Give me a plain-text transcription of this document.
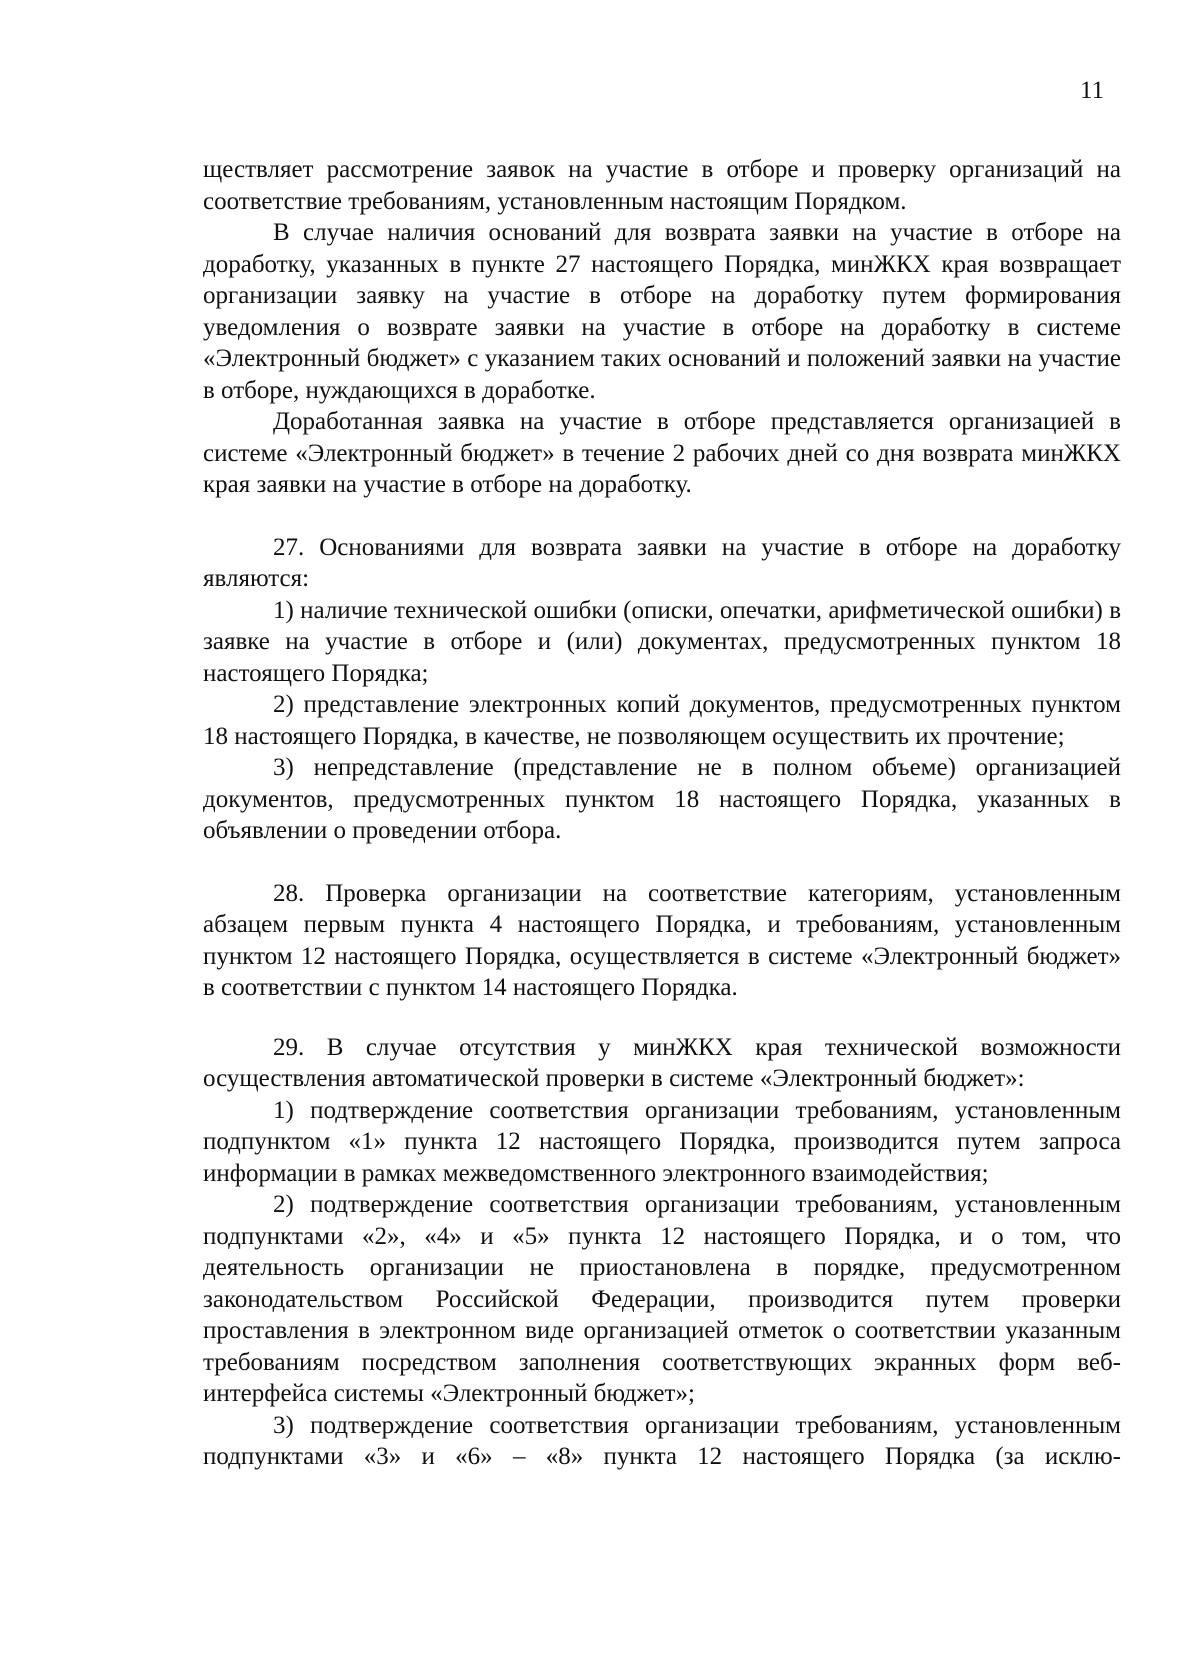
11

ществляет рассмотрение заявок на участие в отборе и проверку организаций на соответствие требованиям, установленным настоящим Порядком.

В случае наличия оснований для возврата заявки на участие в отборе на доработку, указанных в пункте 27 настоящего Порядка, минЖКХ края возвращает организации заявку на участие в отборе на доработку путем формирования уведомления о возврате заявки на участие в отборе на доработку в системе «Электронный бюджет» с указанием таких оснований и положений заявки на участие в отборе, нуждающихся в доработке.

Доработанная заявка на участие в отборе представляется организацией в системе «Электронный бюджет» в течение 2 рабочих дней со дня возврата минЖКХ края заявки на участие в отборе на доработку.

27. Основаниями для возврата заявки на участие в отборе на доработку являются:

1) наличие технической ошибки (описки, опечатки, арифметической ошибки) в заявке на участие в отборе и (или) документах, предусмотренных пунктом 18 настоящего Порядка;

2) представление электронных копий документов, предусмотренных пунктом 18 настоящего Порядка, в качестве, не позволяющем осуществить их прочтение;

3) непредставление (представление не в полном объеме) организацией документов, предусмотренных пунктом 18 настоящего Порядка, указанных в объявлении о проведении отбора.

28. Проверка организации на соответствие категориям, установленным абзацем первым пункта 4 настоящего Порядка, и требованиям, установленным пунктом 12 настоящего Порядка, осуществляется в системе «Электронный бюджет» в соответствии с пунктом 14 настоящего Порядка.

29. В случае отсутствия у минЖКХ края технической возможности осуществления автоматической проверки в системе «Электронный бюджет»:

1) подтверждение соответствия организации требованиям, установленным подпунктом «1» пункта 12 настоящего Порядка, производится путем запроса информации в рамках межведомственного электронного взаимодействия;

2) подтверждение соответствия организации требованиям, установленным подпунктами «2», «4» и «5» пункта 12 настоящего Порядка, и о том, что деятельность организации не приостановлена в порядке, предусмотренном законодательством Российской Федерации, производится путем проверки проставления в электронном виде организацией отметок о соответствии указанным требованиям посредством заполнения соответствующих экранных форм веб-интерфейса системы «Электронный бюджет»;

3) подтверждение соответствия организации требованиям, установленным подпунктами «3» и «6» – «8» пункта 12 настоящего Порядка (за исклю-
